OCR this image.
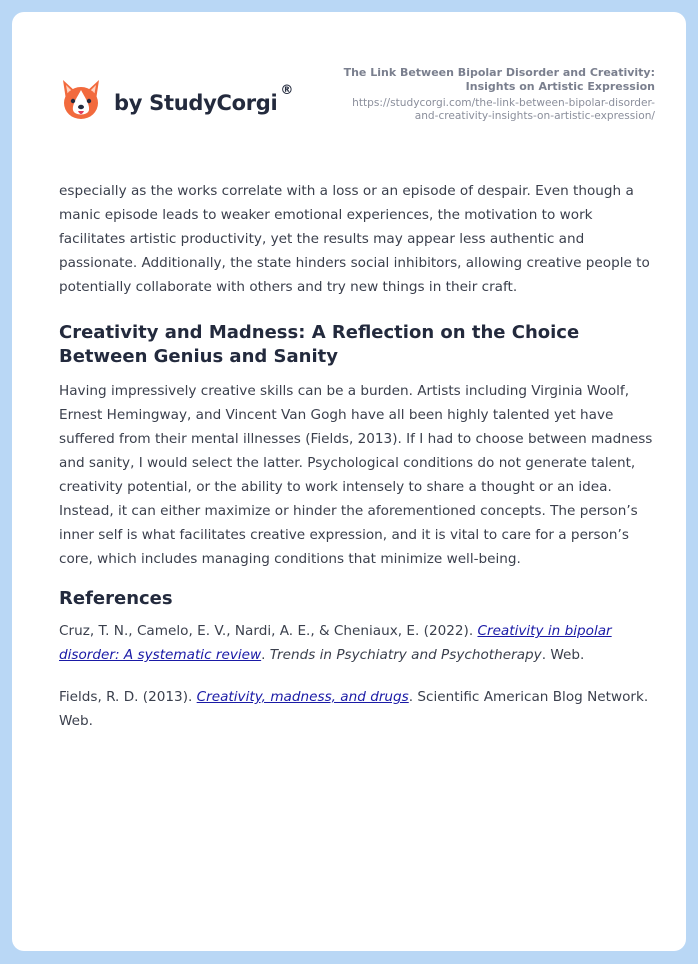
by StudyCorgi
®
The Link Between Bipolar Disorder and Creativity: Insights on Artistic Expression
https://studycorgi.com/the-link-between-bipolar-disorder-
and-creativity-insights-on-artistic-expression/

especially as the works correlate with a loss or an episode of despair. Even though a manic episode leads to weaker emotional experiences, the motivation to work facilitates artistic productivity, yet the results may appear less authentic and passionate. Additionally, the state hinders social inhibitors, allowing creative people to potentially collaborate with others and try new things in their craft.

Creativity and Madness: A Reflection on the Choice Between Genius and Sanity

Having impressively creative skills can be a burden. Artists including Virginia Woolf, Ernest Hemingway, and Vincent Van Gogh have all been highly talented yet have suffered from their mental illnesses (Fields, 2013). If I had to choose between madness and sanity, I would select the latter. Psychological conditions do not generate talent, creativity potential, or the ability to work intensely to share a thought or an idea. Instead, it can either maximize or hinder the aforementioned concepts. The person’s inner self is what facilitates creative expression, and it is vital to care for a person’s core, which includes managing conditions that minimize well-being.

References

Cruz, T. N., Camelo, E. V., Nardi, A. E., & Cheniaux, E. (2022). Creativity in bipolar disorder: A systematic review. Trends in Psychiatry and Psychotherapy. Web.

Fields, R. D. (2013). Creativity, madness, and drugs. Scientific American Blog Network. Web.
